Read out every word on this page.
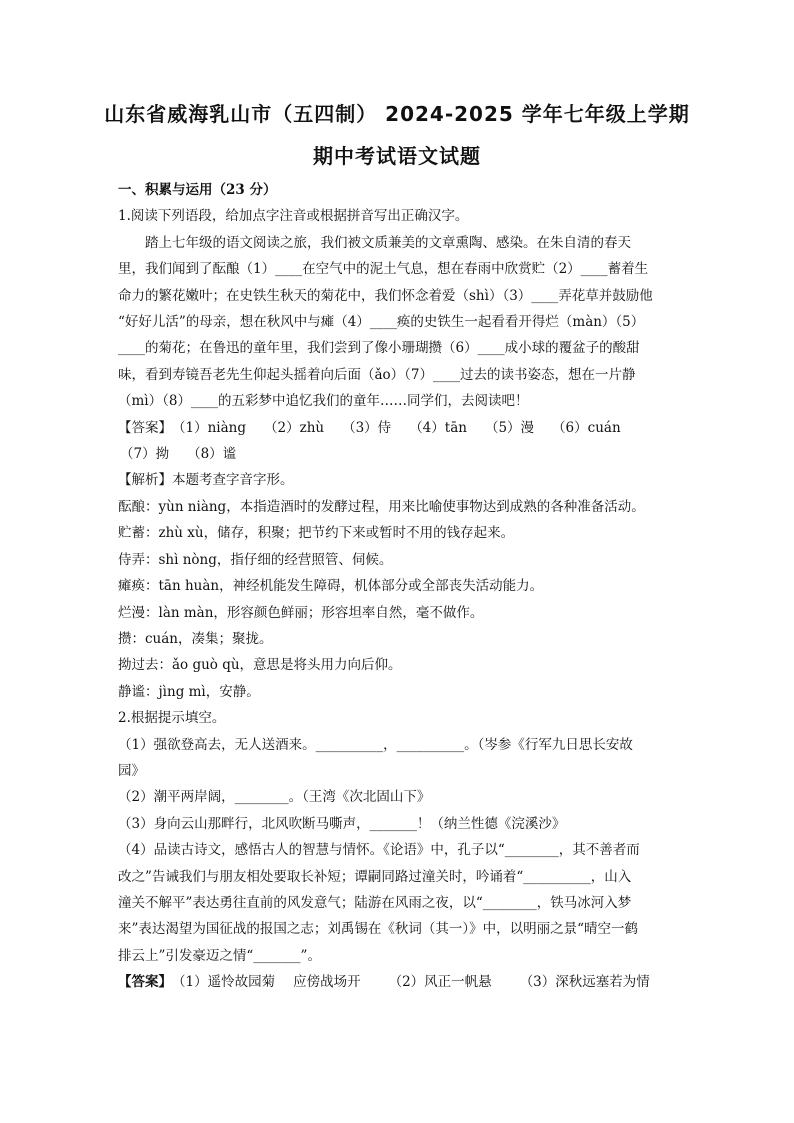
山东省威海乳山市（五四制） 2024-2025 学年七年级上学期
期中考试语文试题

一、积累与运用（23 分）

1.阅读下列语段，给加点字注音或根据拼音写出正确汉字。

踏上七年级的语文阅读之旅，我们被文质兼美的文章熏陶、感染。在朱自清的春天

里，我们闻到了酝酿（1）____在空气中的泥土气息，想在春雨中欣赏贮（2）____蓄着生

命力的繁花嫩叶；在史铁生秋天的菊花中，我们怀念着爱（shì）（3）____弄花草并鼓励他

“好好儿活”的母亲，想在秋风中与瘫（4）____痪的史铁生一起看看开得烂（màn）（5）

____的菊花；在鲁迅的童年里，我们尝到了像小珊瑚攒（6）____成小球的覆盆子的酸甜

味，看到寿镜吾老先生仰起头摇着向后面（ǎo）（7）____过去的读书姿态，想在一片静

（mì）（8）____的五彩梦中追忆我们的童年……同学们，去阅读吧！

【答案】（1）niàng （2）zhù （3）侍 （4）tān （5）漫 （6）cuán

（7）拗 （8）谧

【解析】本题考查字音字形。

酝酿：yùn niàng，本指造酒时的发酵过程，用来比喻使事物达到成熟的各种准备活动。

贮蓄：zhù xù，储存，积聚；把节约下来或暂时不用的钱存起来。

侍弄：shì nòng，指仔细的经营照管、伺候。

瘫痪：tān huàn，神经机能发生障碍，机体部分或全部丧失活动能力。

烂漫：làn màn，形容颜色鲜丽；形容坦率自然，毫不做作。

攒：cuán，凑集；聚拢。

拗过去：ǎo guò qù，意思是将头用力向后仰。

静谧：jìng mì，安静。

2.根据提示填空。

（1）强欲登高去，无人送酒来。__________，__________。（岑参《行军九日思长安故

园》

（2）潮平两岸阔，________。（王湾《次北固山下》

（3）身向云山那畔行，北风吹断马嘶声，_______！（纳兰性德《浣溪沙》

（4）品读古诗文，感悟古人的智慧与情怀。《论语》中，孔子以“________，其不善者而

改之”告诫我们与朋友相处要取长补短；谭嗣同路过潼关时，吟诵着“__________，山入

潼关不解平”表达勇往直前的风发意气；陆游在风雨之夜，以“________，铁马冰河入梦

来”表达渴望为国征战的报国之志；刘禹锡在《秋词（其一）》中，以明丽之景“晴空一鹤

排云上”引发豪迈之情“_______”。

【答案】（1）遥怜故园菊 应傍战场开 （2）风正一帆悬 （3）深秋远塞若为情
